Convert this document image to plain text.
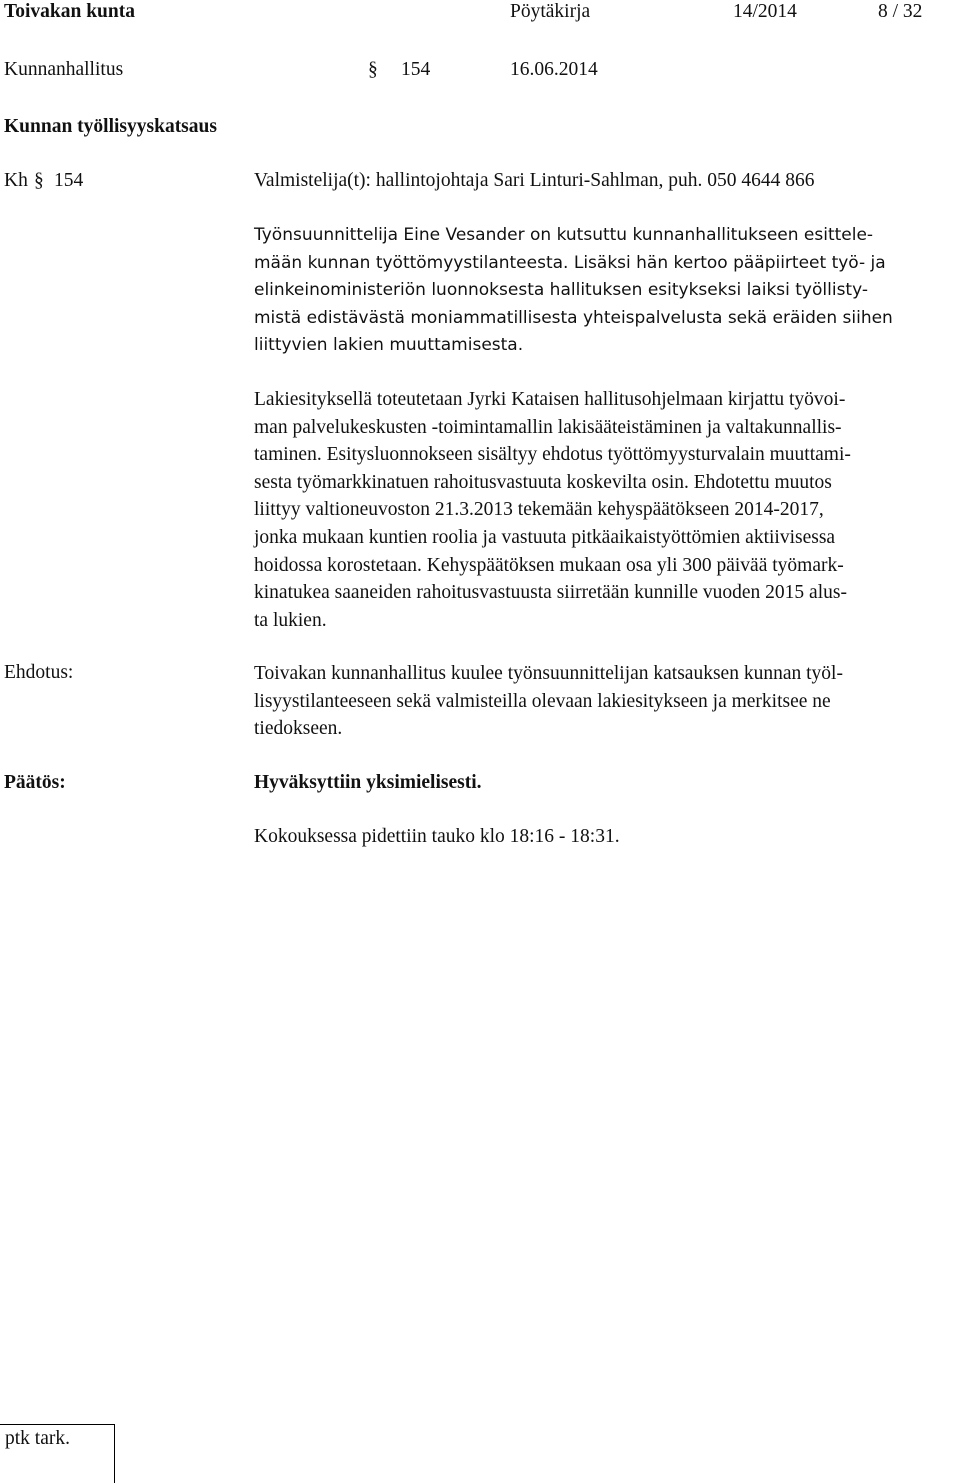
Toivakan kunta	Pöytäkirja	14/2014	8 / 32
Kunnanhallitus	§ 154	16.06.2014
Kunnan työllisyyskatsaus
Kh § 154	Valmistelija(t): hallintojohtaja Sari Linturi-Sahlman, puh. 050 4644 866
Työnsuunnittelija Eine Vesander on kutsuttu kunnanhallitukseen esittele-
mään kunnan työttömyystilanteesta. Lisäksi hän kertoo pääpiirteet työ- ja
elinkeinoministeriön luonnoksesta hallituksen esitykseksi laiksi työllisty-
mistä edistävästä moniammatillisesta yhteispalvelusta sekä eräiden siihen
liittyvien lakien muuttamisesta.
Lakiesityksellä toteutetaan Jyrki Kataisen hallitusohjelmaan kirjattu työvoi-
man palvelukeskusten -toimintamallin lakisääteistäminen ja valtakunnallis-
taminen. Esitysluonnokseen sisältyy ehdotus työttömyysturvalain muuttami-
sesta työmarkkinatuen rahoitusvastuuta koskevilta osin. Ehdotettu muutos
liittyy valtioneuvoston 21.3.2013 tekemään kehyspäätökseen 2014-2017,
jonka mukaan kuntien roolia ja vastuuta pitkäaikaistyöttömien aktiivisessa
hoidossa korostetaan. Kehyspäätöksen mukaan osa yli 300 päivää työmark-
kinatukea saaneiden rahoitusvastuusta siirretään kunnille vuoden 2015 alus-
ta lukien.
Ehdotus:	Toivakan kunnanhallitus kuulee työnsuunnittelijan katsauksen kunnan työl-
lisyystilanteeseen sekä valmisteilla olevaan lakiesitykseen ja merkitsee ne
tiedokseen.
Päätös:	Hyväksyttiin yksimielisesti.
Kokouksessa pidettiin tauko klo 18:16 - 18:31.
ptk tark.
